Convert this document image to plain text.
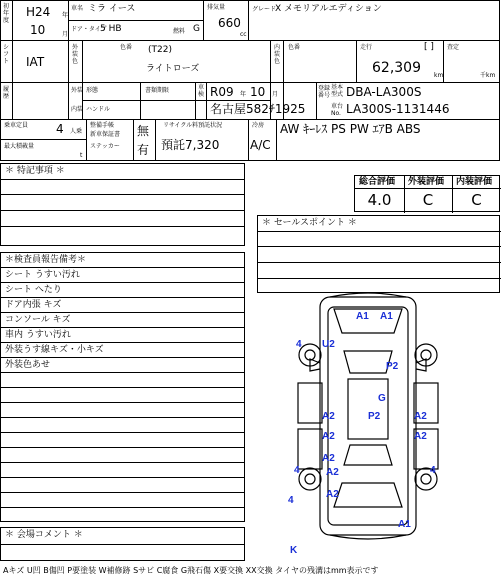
初年度
H24 年
10	月
車名 ミラ イース
ドア・タイプ
5 HB	燃料 G
排気量
660
cc
グレード
X メモリアルエディション
シフト IAT
外装色
色番 (T22)
ライトローズ
内装色
色番	走行	[ ]
62,309 km
査定
千km
履歴
外装
内装
形態
ハンドル
書類期限	車検 R09 年 10 月
名古屋582ﾁ1925
登録番号
基本型式 DBA-LA300S
車台No. LA300S-1131446
乗車定員 4 人乗
最大積載量
t
整備手帳
新車保証書
ステッカー
無
有
リサイクル料預託状況
預託7,320
冷房
A/C
AW ｷｰﾚｽ PS PW ｴｱB ABS
＊ 特記事項 ＊
総合評価 外装評価 内装評価
4.0	C	C
＊ セールスポイント ＊
＊検査員報告備考＊
シート うすい汚れ
シート へたり
ドア内張 キズ
コンソール キズ
車内 うすい汚れ
外装うす線キズ・小キズ
外装色あせ
＊ 会場コメント ＊
A1 A1
U2
4
P2
G
A2	P2	A2
A2	A2
A2
A2
A2
4	4
4
A1
K
Aキズ U凹 B傷凹 P要塗装 W補修跡 Sサビ C腐食 G飛石傷 X要交換 XX交換 タイヤの残溝はmm表示です
